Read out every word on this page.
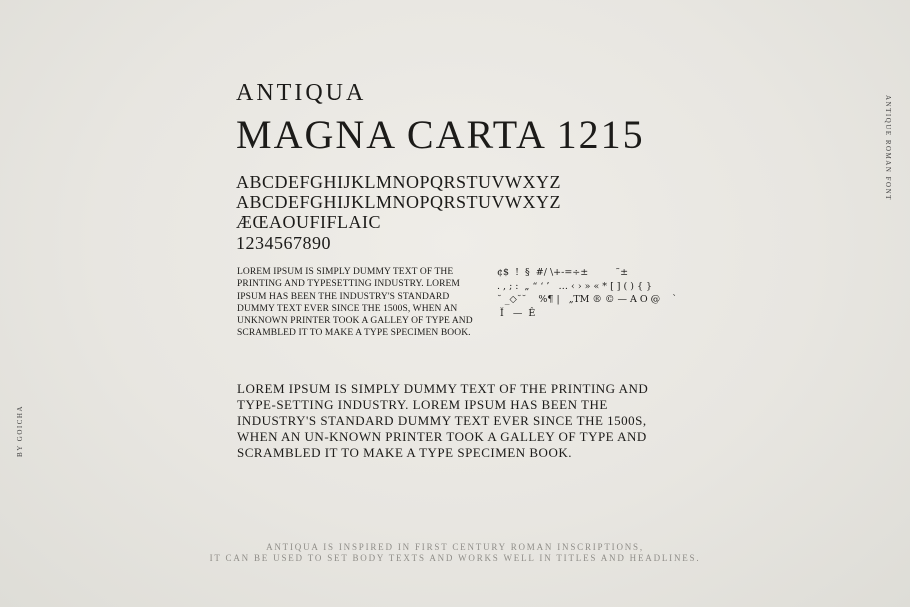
ANTIQUA
MAGNA CARTA 1215
ABCDEFGHIJKLMNOPQRSTUVWXYZ
ABCDEFGHIJKLMNOPQRSTUVWXYZ
ÆŒAOUFIFLAIC
1234567890
LOREM IPSUM IS SIMPLY DUMMY TEXT OF THE PRINTING AND TYPESETTING INDUSTRY. LOREM IPSUM HAS BEEN THE INDUSTRY'S STANDARD DUMMY TEXT EVER SINCE THE 1500S, WHEN AN UNKNOWN PRINTER TOOK A GALLEY OF TYPE AND SCRAMBLED IT TO MAKE A TYPE SPECIMEN BOOK.
¢$  !  §  #/ \+-=÷±         ˜±
. , ; :  „ “ ‘ ’   … ‹ › » « * [ ] ( ) { }
˘ _◇˘˘    %¶ |   „TM ® © — A O @    `
Ĭ   —  Ê
LOREM IPSUM IS SIMPLY DUMMY TEXT OF THE PRINTING AND TYPE-SETTING INDUSTRY. LOREM IPSUM HAS BEEN THE INDUSTRY'S STANDARD DUMMY TEXT EVER SINCE THE 1500S, WHEN AN UN-KNOWN PRINTER TOOK A GALLEY OF TYPE AND SCRAMBLED IT TO MAKE A TYPE SPECIMEN BOOK.
ANTIQUE ROMAN FONT
BY GOICHA
ANTIQUA IS INSPIRED IN FIRST CENTURY ROMAN INSCRIPTIONS,
IT CAN BE USED TO SET BODY TEXTS AND WORKS WELL IN TITLES AND HEADLINES.
